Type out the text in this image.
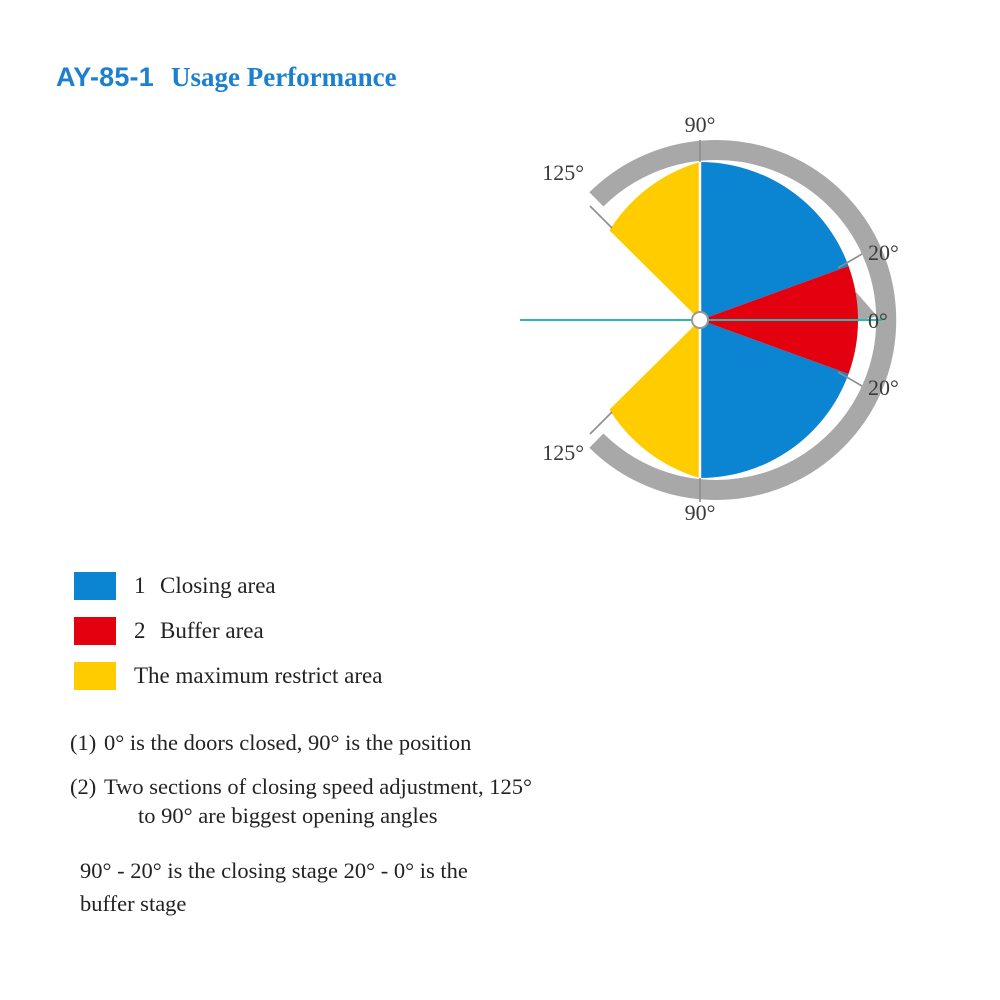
AY-85-1 Usage Performance
90°
125°
20°
0°
20°
125°
90°
1 Closing area
2 Buffer area
The maximum restrict area
(1) 0° is the doors closed, 90° is the position
(2) Two sections of closing speed adjustment, 125°

to 90° are biggest opening angles
90° - 20° is the closing stage 20° - 0° is the
buffer stage
